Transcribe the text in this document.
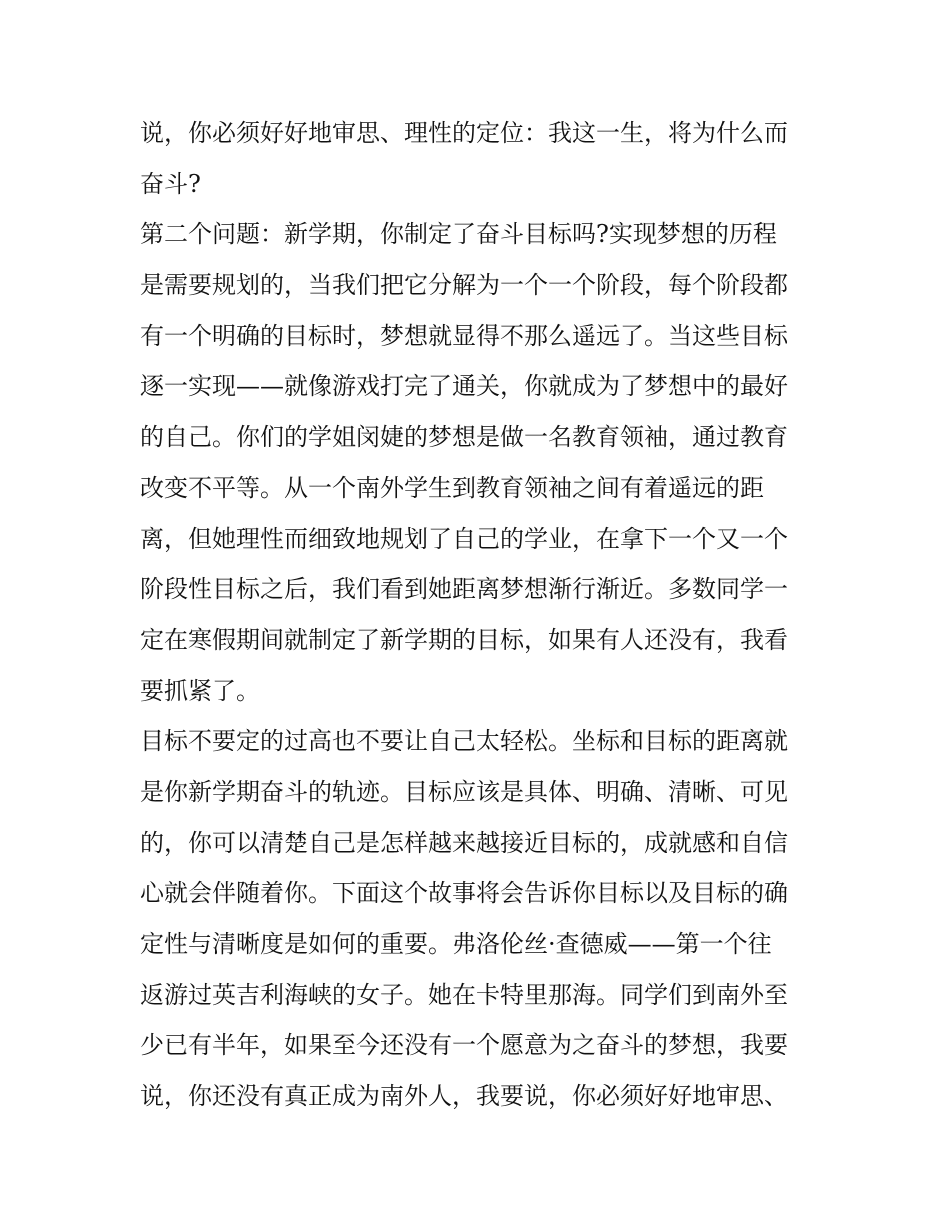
说，你必须好好地审思、理性的定位：我这一生，将为什么而
奋斗?
第二个问题：新学期，你制定了奋斗目标吗?实现梦想的历程
是需要规划的，当我们把它分解为一个一个阶段，每个阶段都
有一个明确的目标时，梦想就显得不那么遥远了。当这些目标
逐一实现——就像游戏打完了通关，你就成为了梦想中的最好
的自己。你们的学姐闵婕的梦想是做一名教育领袖，通过教育
改变不平等。从一个南外学生到教育领袖之间有着遥远的距
离，但她理性而细致地规划了自己的学业，在拿下一个又一个
阶段性目标之后，我们看到她距离梦想渐行渐近。多数同学一
定在寒假期间就制定了新学期的目标，如果有人还没有，我看
要抓紧了。
目标不要定的过高也不要让自己太轻松。坐标和目标的距离就
是你新学期奋斗的轨迹。目标应该是具体、明确、清晰、可见
的，你可以清楚自己是怎样越来越接近目标的，成就感和自信
心就会伴随着你。下面这个故事将会告诉你目标以及目标的确
定性与清晰度是如何的重要。弗洛伦丝·查德威——第一个往
返游过英吉利海峡的女子。她在卡特里那海。同学们到南外至
少已有半年，如果至今还没有一个愿意为之奋斗的梦想，我要
说，你还没有真正成为南外人，我要说，你必须好好地审思、
